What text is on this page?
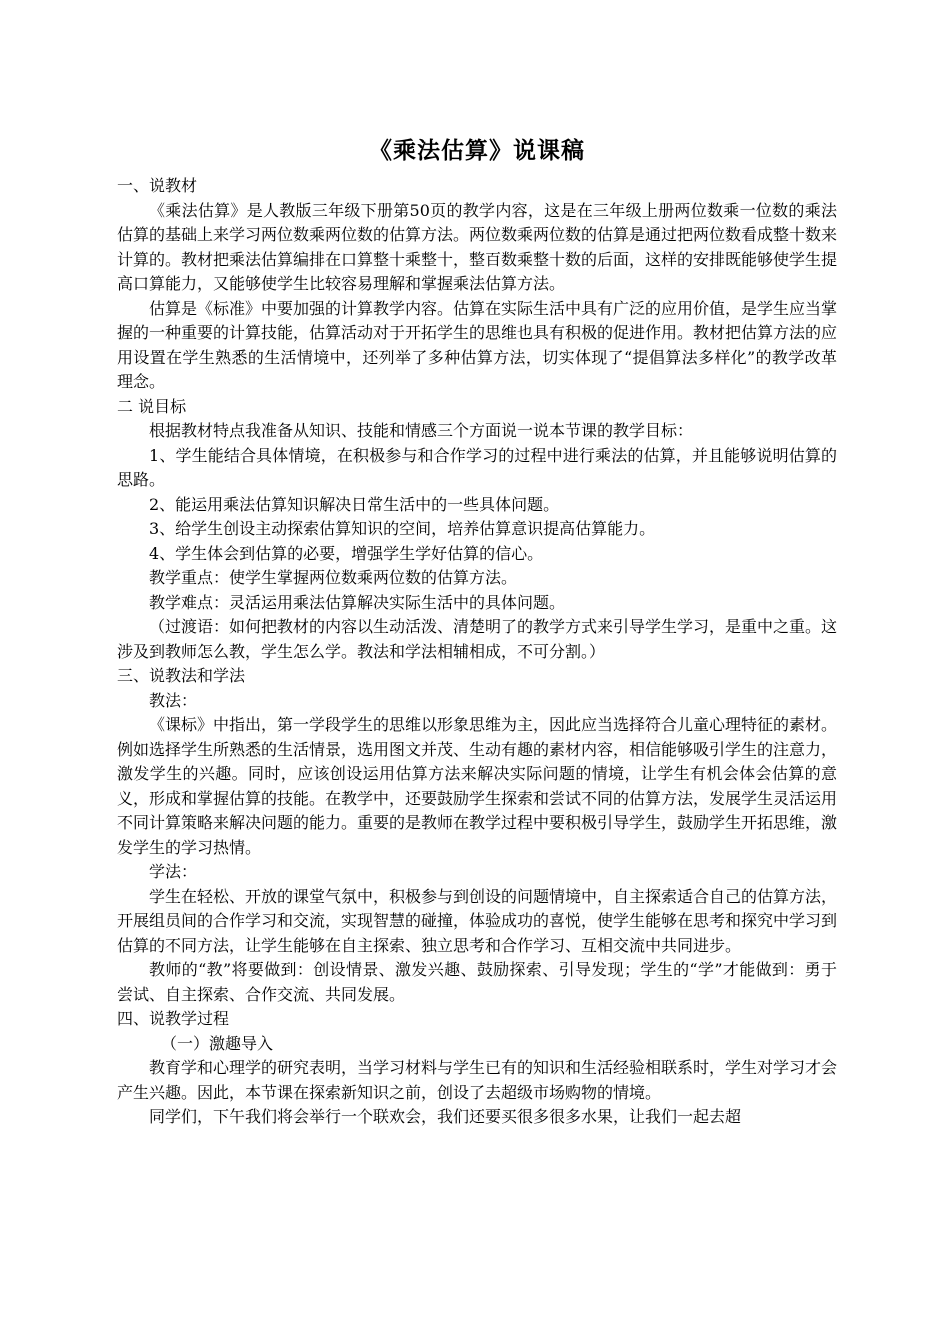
《乘法估算》说课稿

一、说教材

《乘法估算》是人教版三年级下册第50页的教学内容，这是在三年级上册两位数乘一位数的乘法估算的基础上来学习两位数乘两位数的估算方法。两位数乘两位数的估算是通过把两位数看成整十数来计算的。教材把乘法估算编排在口算整十乘整十，整百数乘整十数的后面，这样的安排既能够使学生提高口算能力，又能够使学生比较容易理解和掌握乘法估算方法。

估算是《标准》中要加强的计算教学内容。估算在实际生活中具有广泛的应用价值，是学生应当掌握的一种重要的计算技能，估算活动对于开拓学生的思维也具有积极的促进作用。教材把估算方法的应用设置在学生熟悉的生活情境中，还列举了多种估算方法，切实体现了“提倡算法多样化”的教学改革理念。

二 说目标

根据教材特点我准备从知识、技能和情感三个方面说一说本节课的教学目标：

1、学生能结合具体情境，在积极参与和合作学习的过程中进行乘法的估算，并且能够说明估算的思路。

2、能运用乘法估算知识解决日常生活中的一些具体问题。

3、给学生创设主动探索估算知识的空间，培养估算意识提高估算能力。

4、学生体会到估算的必要，增强学生学好估算的信心。

教学重点：使学生掌握两位数乘两位数的估算方法。

教学难点：灵活运用乘法估算解决实际生活中的具体问题。

（过渡语：如何把教材的内容以生动活泼、清楚明了的教学方式来引导学生学习，是重中之重。这涉及到教师怎么教，学生怎么学。教法和学法相辅相成，不可分割。）

三、说教法和学法

教法：

《课标》中指出，第一学段学生的思维以形象思维为主，因此应当选择符合儿童心理特征的素材。例如选择学生所熟悉的生活情景，选用图文并茂、生动有趣的素材内容，相信能够吸引学生的注意力，激发学生的兴趣。同时，应该创设运用估算方法来解决实际问题的情境，让学生有机会体会估算的意义，形成和掌握估算的技能。在教学中，还要鼓励学生探索和尝试不同的估算方法，发展学生灵活运用不同计算策略来解决问题的能力。重要的是教师在教学过程中要积极引导学生，鼓励学生开拓思维，激发学生的学习热情。

学法：

学生在轻松、开放的课堂气氛中，积极参与到创设的问题情境中，自主探索适合自己的估算方法，开展组员间的合作学习和交流，实现智慧的碰撞，体验成功的喜悦，使学生能够在思考和探究中学习到估算的不同方法，让学生能够在自主探索、独立思考和合作学习、互相交流中共同进步。

教师的“教”将要做到：创设情景、激发兴趣、鼓励探索、引导发现；学生的“学”才能做到：勇于尝试、自主探索、合作交流、共同发展。

四、说教学过程

（一）激趣导入

教育学和心理学的研究表明，当学习材料与学生已有的知识和生活经验相联系时，学生对学习才会产生兴趣。因此，本节课在探索新知识之前，创设了去超级市场购物的情境。

同学们，下午我们将会举行一个联欢会，我们还要买很多很多水果，让我们一起去超
